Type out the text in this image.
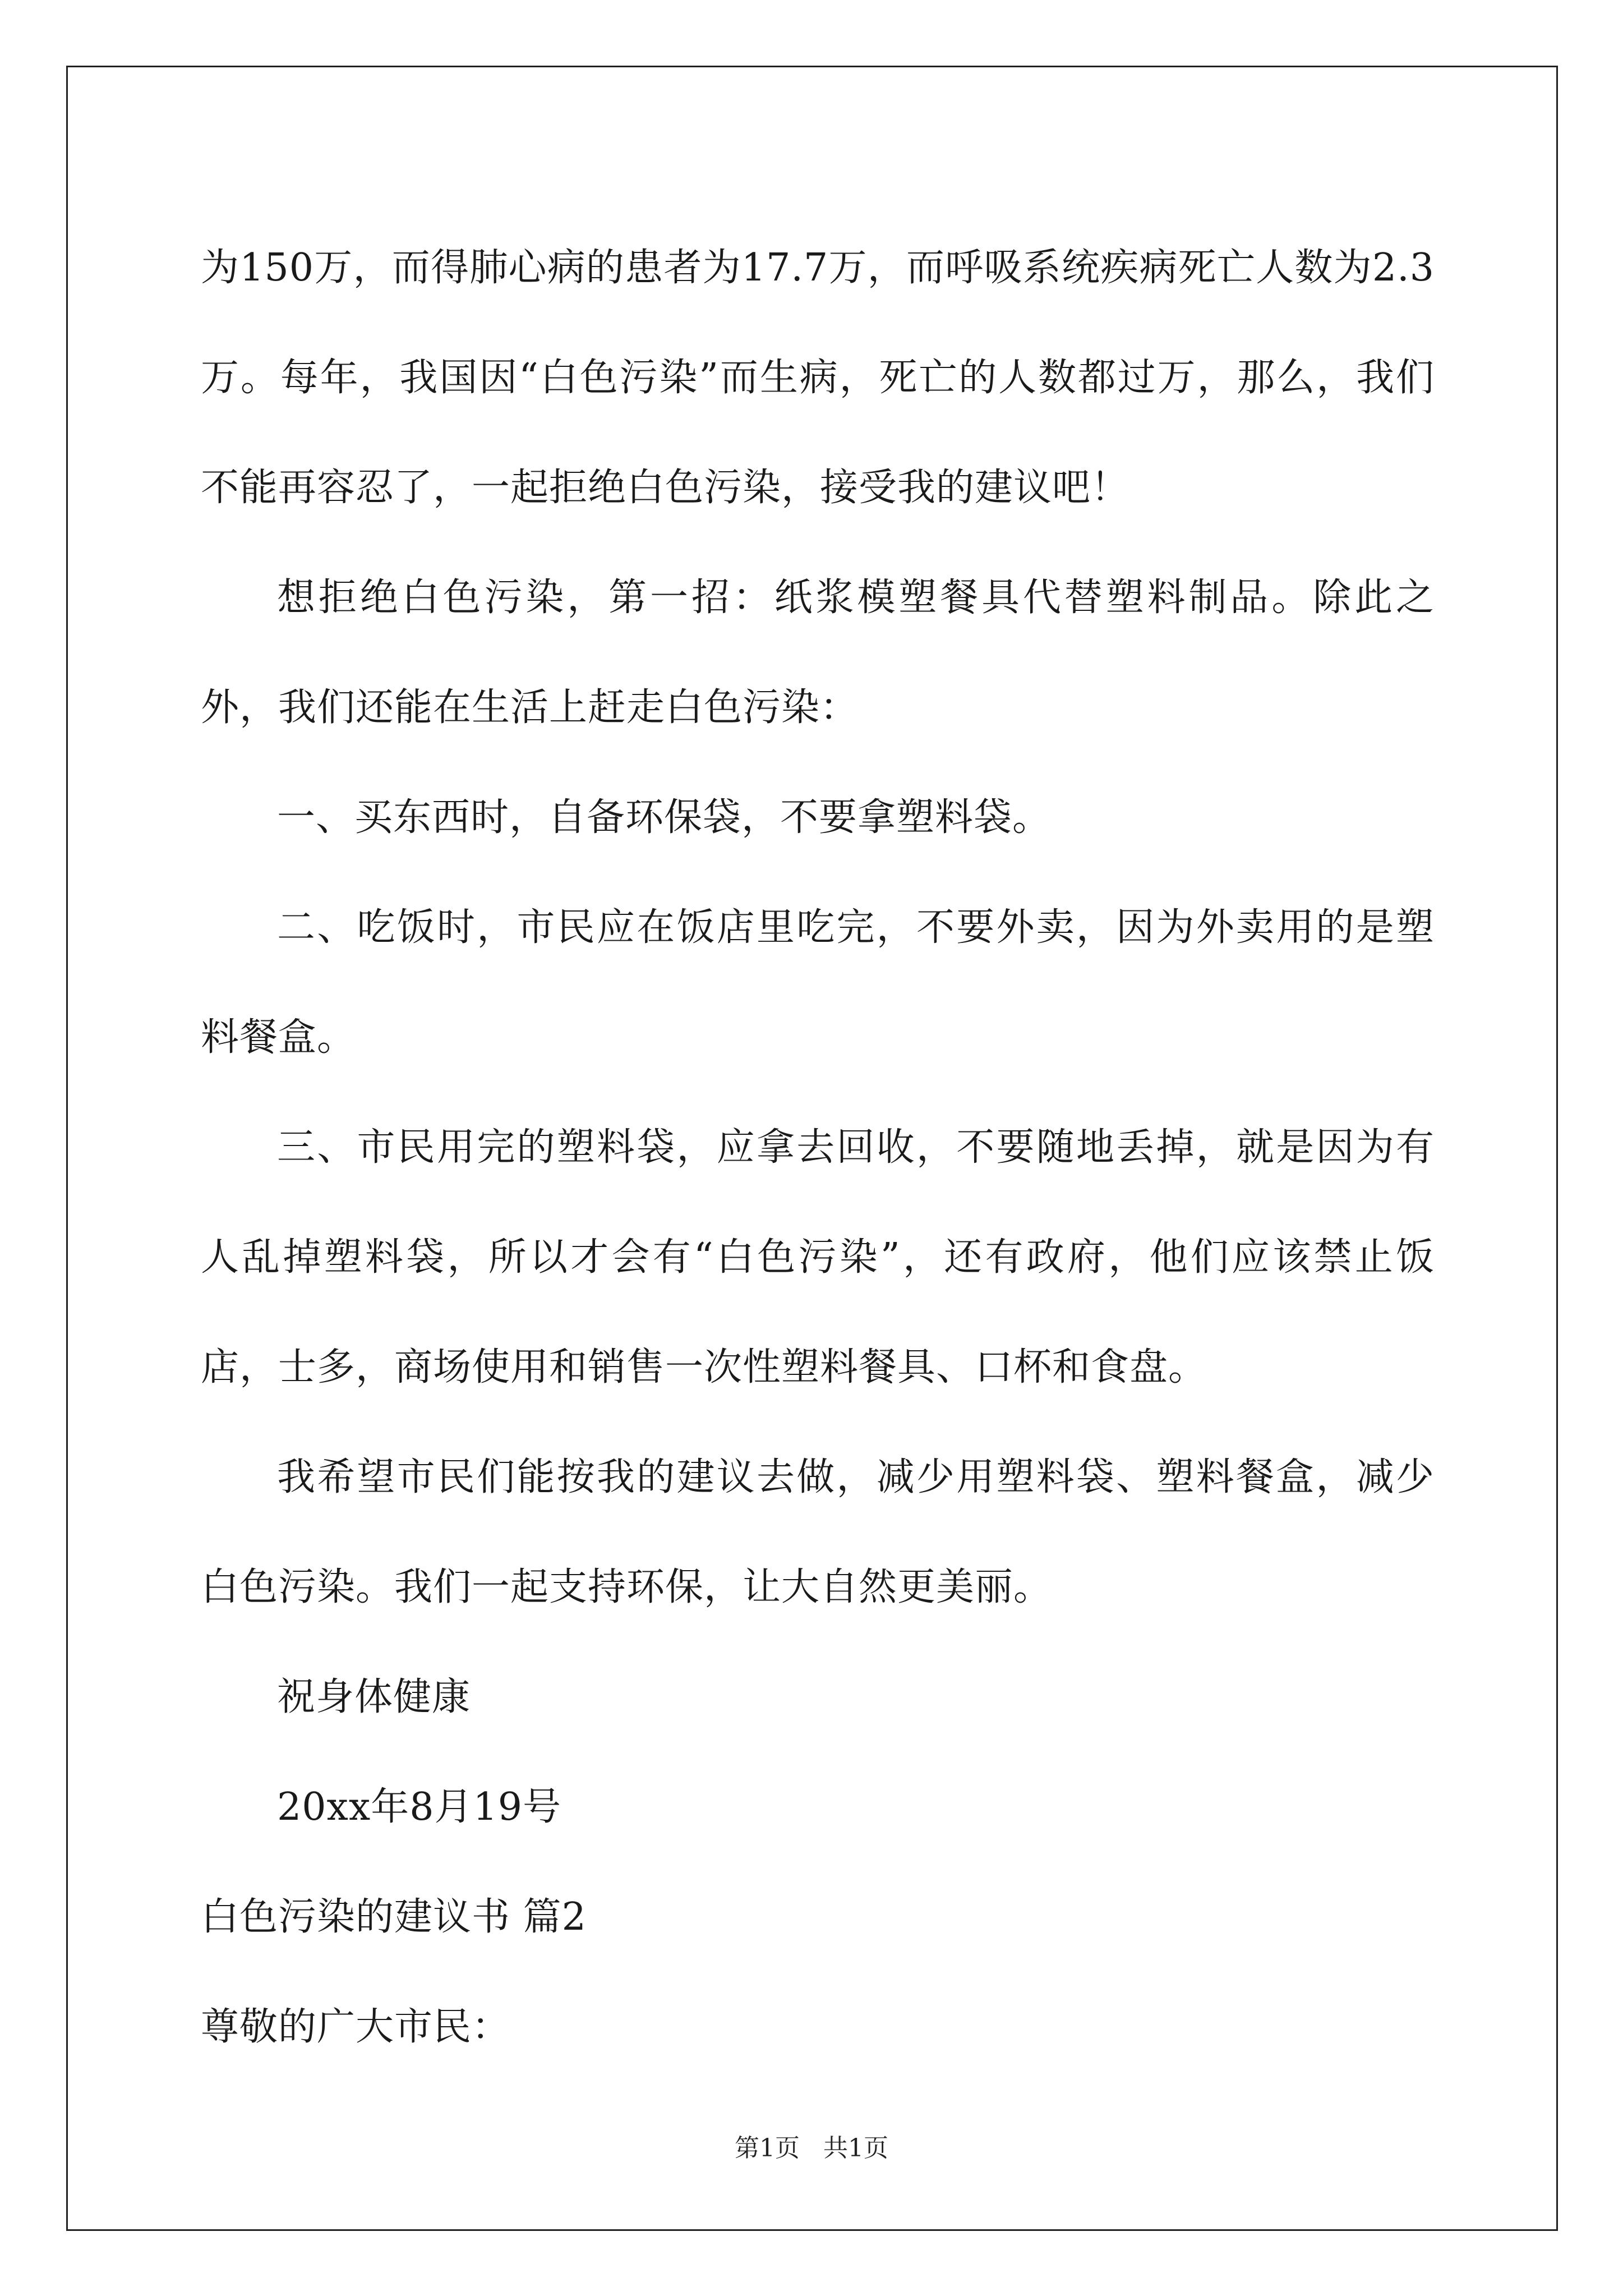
为150万，而得肺心病的患者为17.7万，而呼吸系统疾病死亡人数为2.3万。每年，我国因“白色污染”而生病，死亡的人数都过万，那么，我们不能再容忍了，一起拒绝白色污染，接受我的建议吧！

想拒绝白色污染，第一招：纸浆模塑餐具代替塑料制品。除此之外，我们还能在生活上赶走白色污染：

一、买东西时，自备环保袋，不要拿塑料袋。

二、吃饭时，市民应在饭店里吃完，不要外卖，因为外卖用的是塑料餐盒。

三、市民用完的塑料袋，应拿去回收，不要随地丢掉，就是因为有人乱掉塑料袋，所以才会有“白色污染”，还有政府，他们应该禁止饭店，士多，商场使用和销售一次性塑料餐具、口杯和食盘。

我希望市民们能按我的建议去做，减少用塑料袋、塑料餐盒，减少白色污染。我们一起支持环保，让大自然更美丽。

祝身体健康

20xx年8月19号

白色污染的建议书 篇2

尊敬的广大市民：

第1页 共1页
